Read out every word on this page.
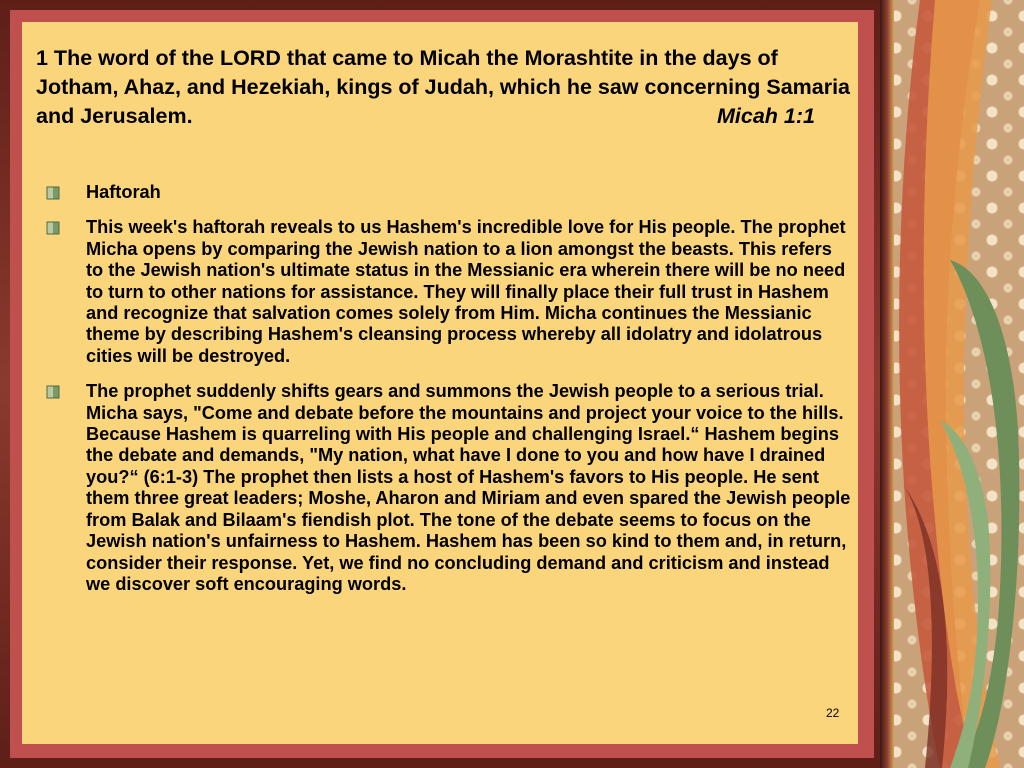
1 The word of the LORD that came to Micah the Morashtite in the days of Jotham, Ahaz, and Hezekiah, kings of Judah, which he saw concerning Samaria and Jerusalem.	Micah 1:1
Haftorah
This week's haftorah reveals to us Hashem's incredible love for His people. The prophet Micha opens by comparing the Jewish nation to a lion amongst the beasts. This refers to the Jewish nation's ultimate status in the Messianic era wherein there will be no need to turn to other nations for assistance. They will finally place their full trust in Hashem and recognize that salvation comes solely from Him. Micha continues the Messianic theme by describing Hashem's cleansing process whereby all idolatry and idolatrous cities will be destroyed.
The prophet suddenly shifts gears and summons the Jewish people to a serious trial. Micha says, "Come and debate before the mountains and project your voice to the hills. Because Hashem is quarreling with His people and challenging Israel.“ Hashem begins the debate and demands, "My nation, what have I done to you and how have I drained you?“ (6:1-3) The prophet then lists a host of Hashem's favors to His people. He sent them three great leaders; Moshe, Aharon and Miriam and even spared the Jewish people from Balak and Bilaam's fiendish plot. The tone of the debate seems to focus on the Jewish nation's unfairness to Hashem. Hashem has been so kind to them and, in return, consider their response. Yet, we find no concluding demand and criticism and instead we discover soft encouraging words.
22
